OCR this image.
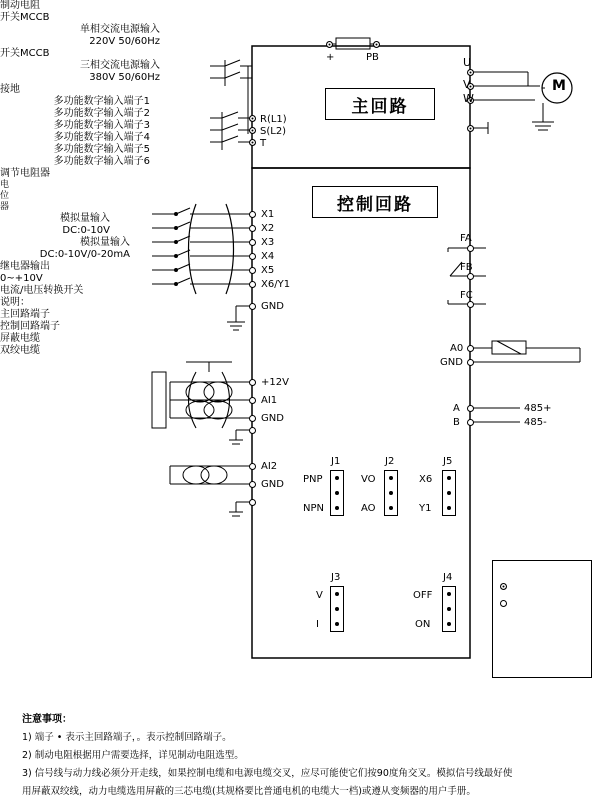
主回路
控制回路
制动电阻
+	PB
开关MCCB
单相交流电源输入
220V 50/60Hz
开关MCCB
三相交流电源输入
380V 50/60Hz
R(L1)
S(L2)
T
U
V
W
M
接地
多功能数字输入端子1
多功能数字输入端子2
多功能数字输入端子3
多功能数字输入端子4
多功能数字输入端子5
多功能数字输入端子6
X1
X2
X3
X4
X5
X6/Y1
GND
调节电阻器
电位器
模拟量输入
DC:0-10V
+12V
AI1
GND
模拟量输入
DC:0-10V/0-20mA
AI2
GND
FA
FB
FC
继电器输出
0~+10V
A0
GND
A
B
485+
485-
J1
PNP
NPN
J2
VO
AO
J5
X6
Y1
J3
V
I
J4
OFF
ON
电流/电压转换开关
说明：
主回路端子
控制回路端子
屏蔽电缆
双绞电缆
注意事项：
1) 端子 • 表示主回路端子，。表示控制回路端子。
2) 制动电阻根据用户需要选择，详见制动电阻选型。
3) 信号线与动力线必须分开走线，如果控制电缆和电源电缆交叉，应尽可能使它们按90度角交叉。模拟信号线最好使
用屏蔽双绞线，动力电缆选用屏蔽的三芯电缆(其规格要比普通电机的电缆大一档)或遵从变频器的用户手册。
